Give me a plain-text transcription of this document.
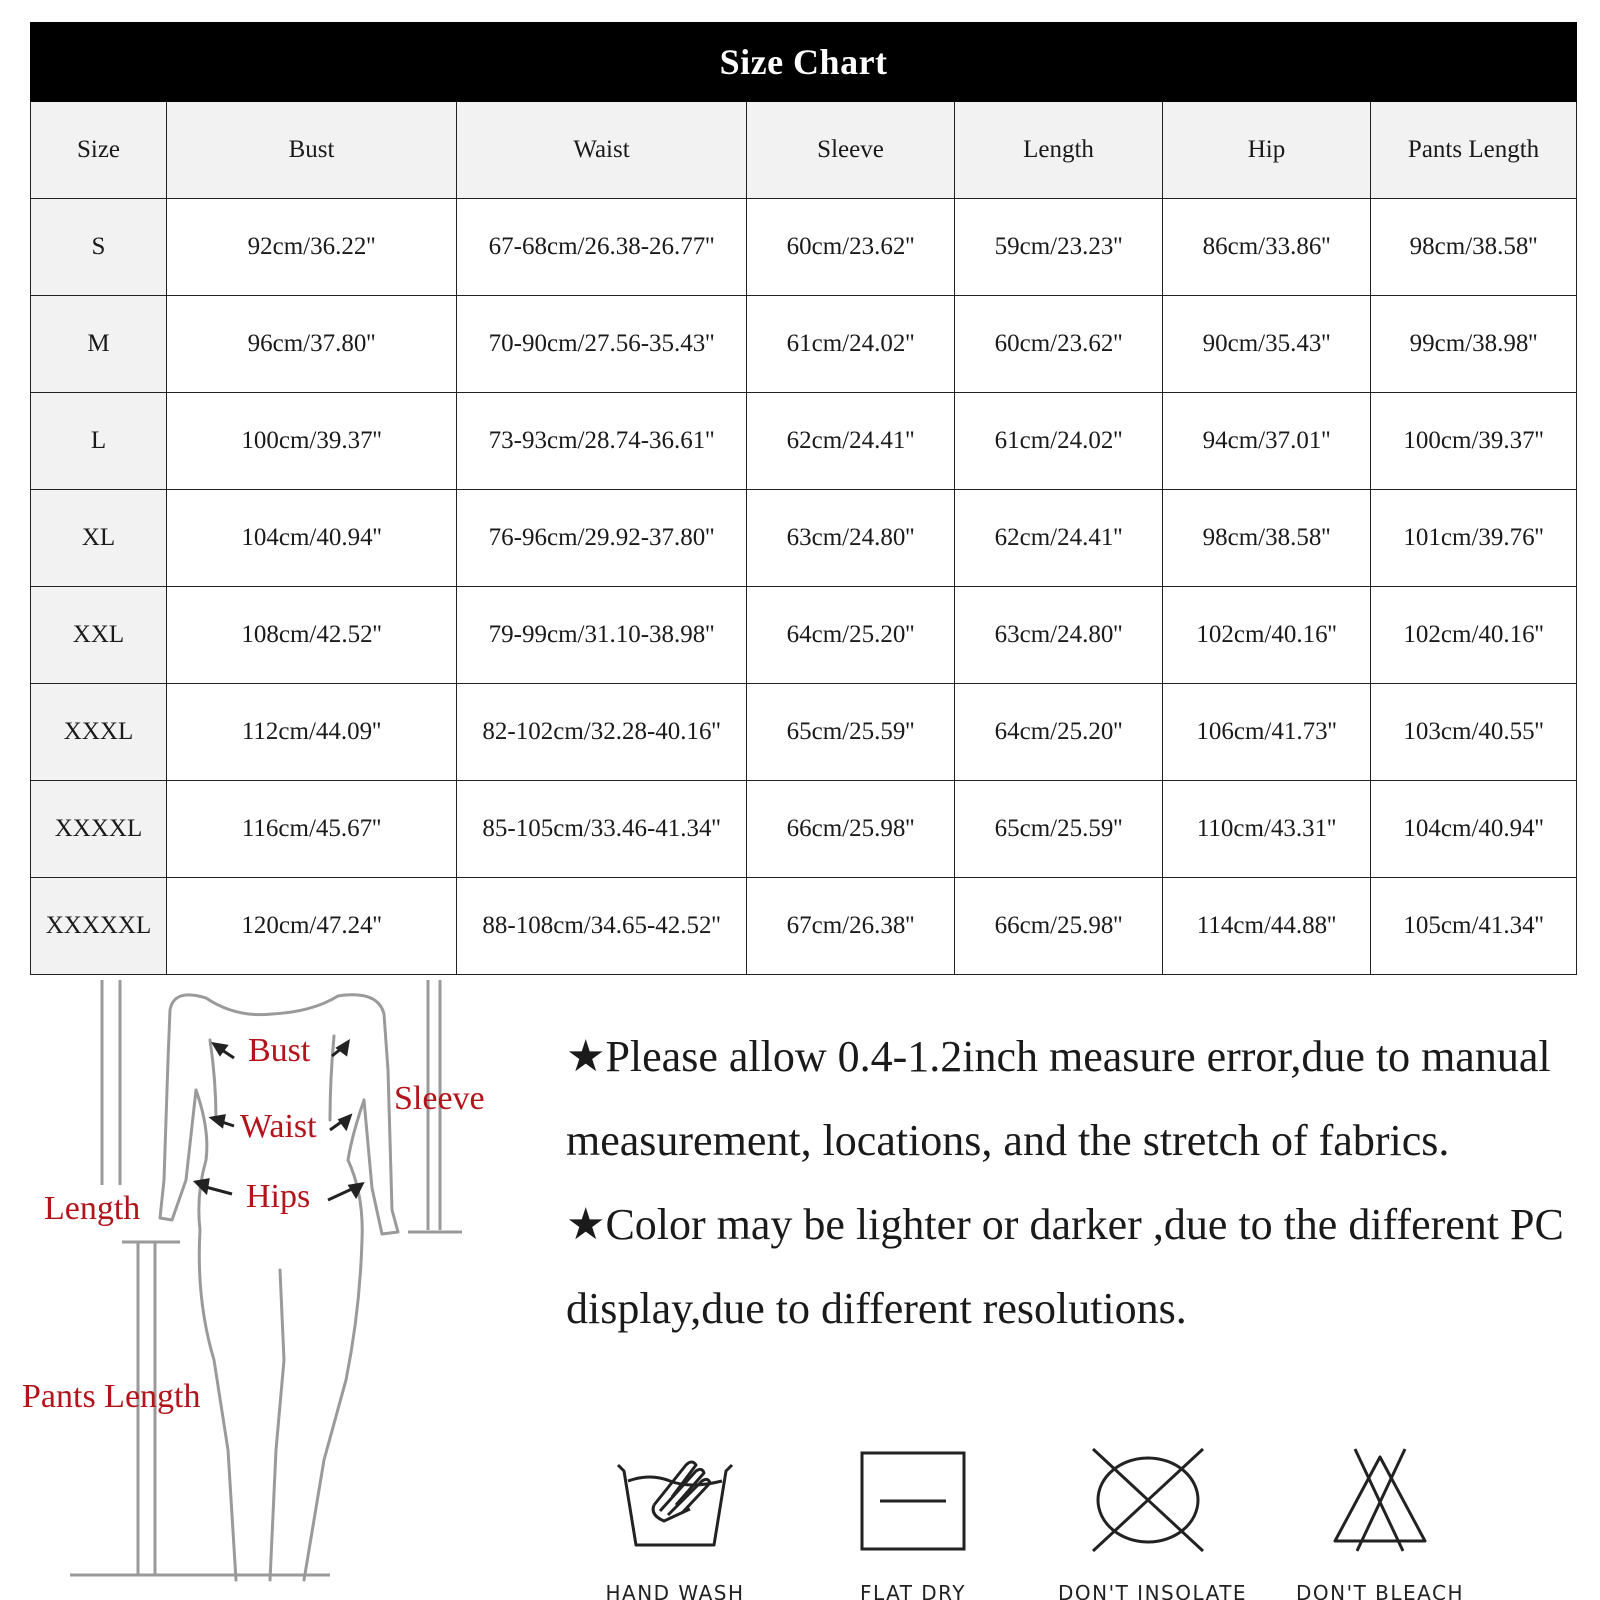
Size Chart						
Size	Bust	Waist	Sleeve	Length	Hip	Pants Length
S	92cm/36.22''	67-68cm/26.38-26.77''	60cm/23.62''	59cm/23.23''	86cm/33.86''	98cm/38.58''
M	96cm/37.80''	70-90cm/27.56-35.43''	61cm/24.02''	60cm/23.62''	90cm/35.43''	99cm/38.98''
L	100cm/39.37''	73-93cm/28.74-36.61''	62cm/24.41''	61cm/24.02''	94cm/37.01''	100cm/39.37''
XL	104cm/40.94''	76-96cm/29.92-37.80''	63cm/24.80''	62cm/24.41''	98cm/38.58''	101cm/39.76''
XXL	108cm/42.52''	79-99cm/31.10-38.98''	64cm/25.20''	63cm/24.80''	102cm/40.16''	102cm/40.16''
XXXL	112cm/44.09''	82-102cm/32.28-40.16''	65cm/25.59''	64cm/25.20''	106cm/41.73''	103cm/40.55''
XXXXL	116cm/45.67''	85-105cm/33.46-41.34''	66cm/25.98''	65cm/25.59''	110cm/43.31''	104cm/40.94''
XXXXXL	120cm/47.24''	88-108cm/34.65-42.52''	67cm/26.38''	66cm/25.98''	114cm/44.88''	105cm/41.34''
Bust
Waist
Hips
Sleeve
Length
Pants Length

★Please allow 0.4-1.2inch measure error,due to manual measurement, locations, and the stretch of fabrics.

★Color may be lighter or darker ,due to the different PC display,due to different resolutions.

HAND WASH	FLAT DRY	DON'T INSOLATE DON'T BLEACH
